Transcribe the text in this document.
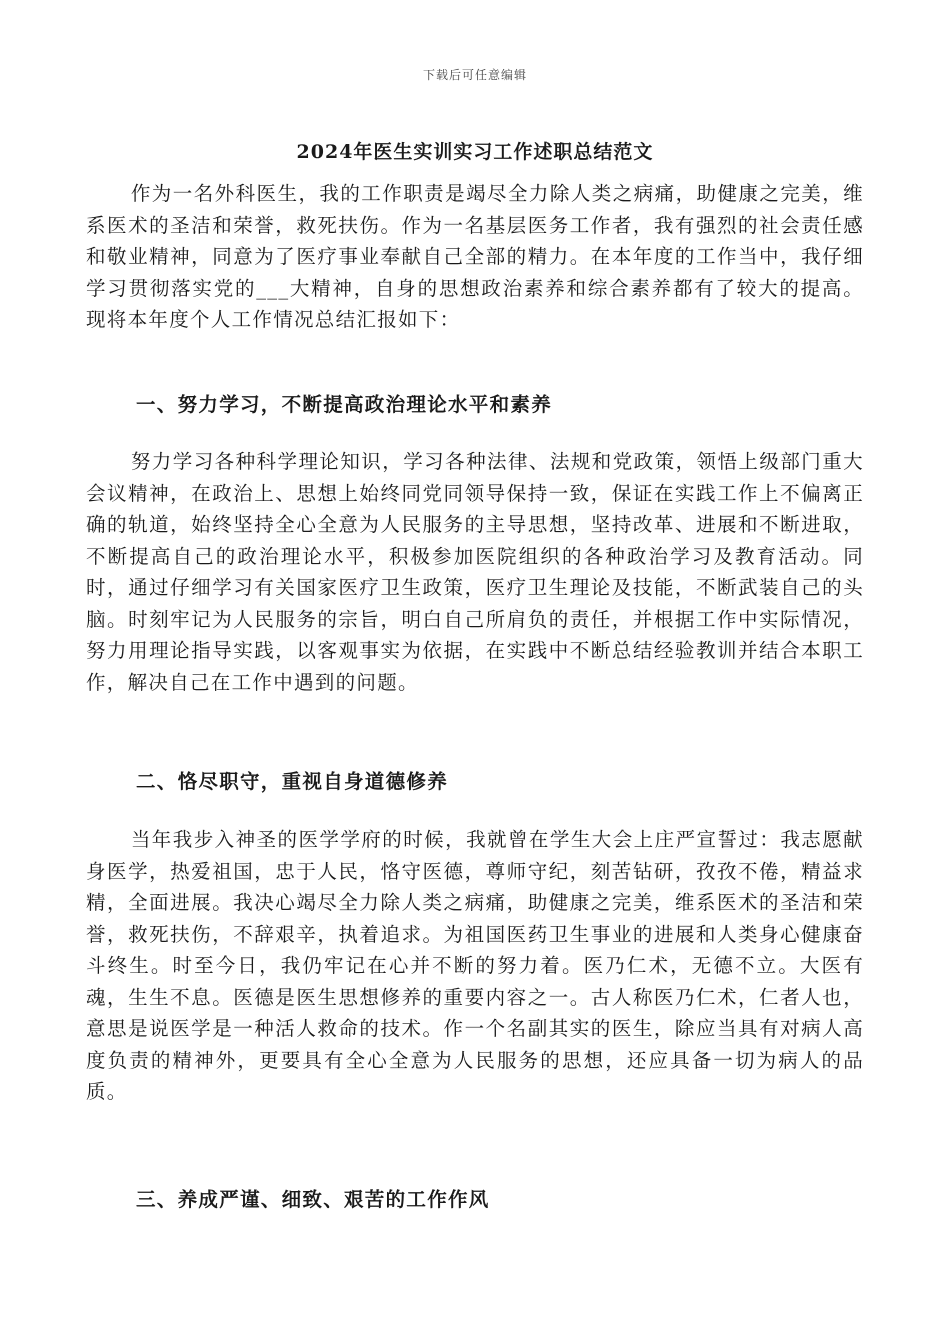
下载后可任意编辑
2024年医生实训实习工作述职总结范文

作为一名外科医生，我的工作职责是竭尽全力除人类之病痛，助健康之完美，维系医术的圣洁和荣誉，救死扶伤。作为一名基层医务工作者，我有强烈的社会责任感和敬业精神，同意为了医疗事业奉献自己全部的精力。在本年度的工作当中，我仔细学习贯彻落实党的___大精神，自身的思想政治素养和综合素养都有了较大的提高。现将本年度个人工作情况总结汇报如下：

一、努力学习，不断提高政治理论水平和素养

努力学习各种科学理论知识，学习各种法律、法规和党政策，领悟上级部门重大会议精神，在政治上、思想上始终同党同领导保持一致，保证在实践工作上不偏离正确的轨道，始终坚持全心全意为人民服务的主导思想，坚持改革、进展和不断进取，不断提高自己的政治理论水平，积极参加医院组织的各种政治学习及教育活动。同时，通过仔细学习有关国家医疗卫生政策，医疗卫生理论及技能，不断武装自己的头脑。时刻牢记为人民服务的宗旨，明白自己所肩负的责任，并根据工作中实际情况，努力用理论指导实践，以客观事实为依据，在实践中不断总结经验教训并结合本职工作，解决自己在工作中遇到的问题。

二、恪尽职守，重视自身道德修养

当年我步入神圣的医学学府的时候，我就曾在学生大会上庄严宣誓过：我志愿献身医学，热爱祖国，忠于人民，恪守医德，尊师守纪，刻苦钻研，孜孜不倦，精益求精，全面进展。我决心竭尽全力除人类之病痛，助健康之完美，维系医术的圣洁和荣誉，救死扶伤，不辞艰辛，执着追求。为祖国医药卫生事业的进展和人类身心健康奋斗终生。时至今日，我仍牢记在心并不断的努力着。医乃仁术，无德不立。大医有魂，生生不息。医德是医生思想修养的重要内容之一。古人称医乃仁术，仁者人也，意思是说医学是一种活人救命的技术。作一个名副其实的医生，除应当具有对病人高度负责的精神外，更要具有全心全意为人民服务的思想，还应具备一切为病人的品质。

三、养成严谨、细致、艰苦的工作作风
